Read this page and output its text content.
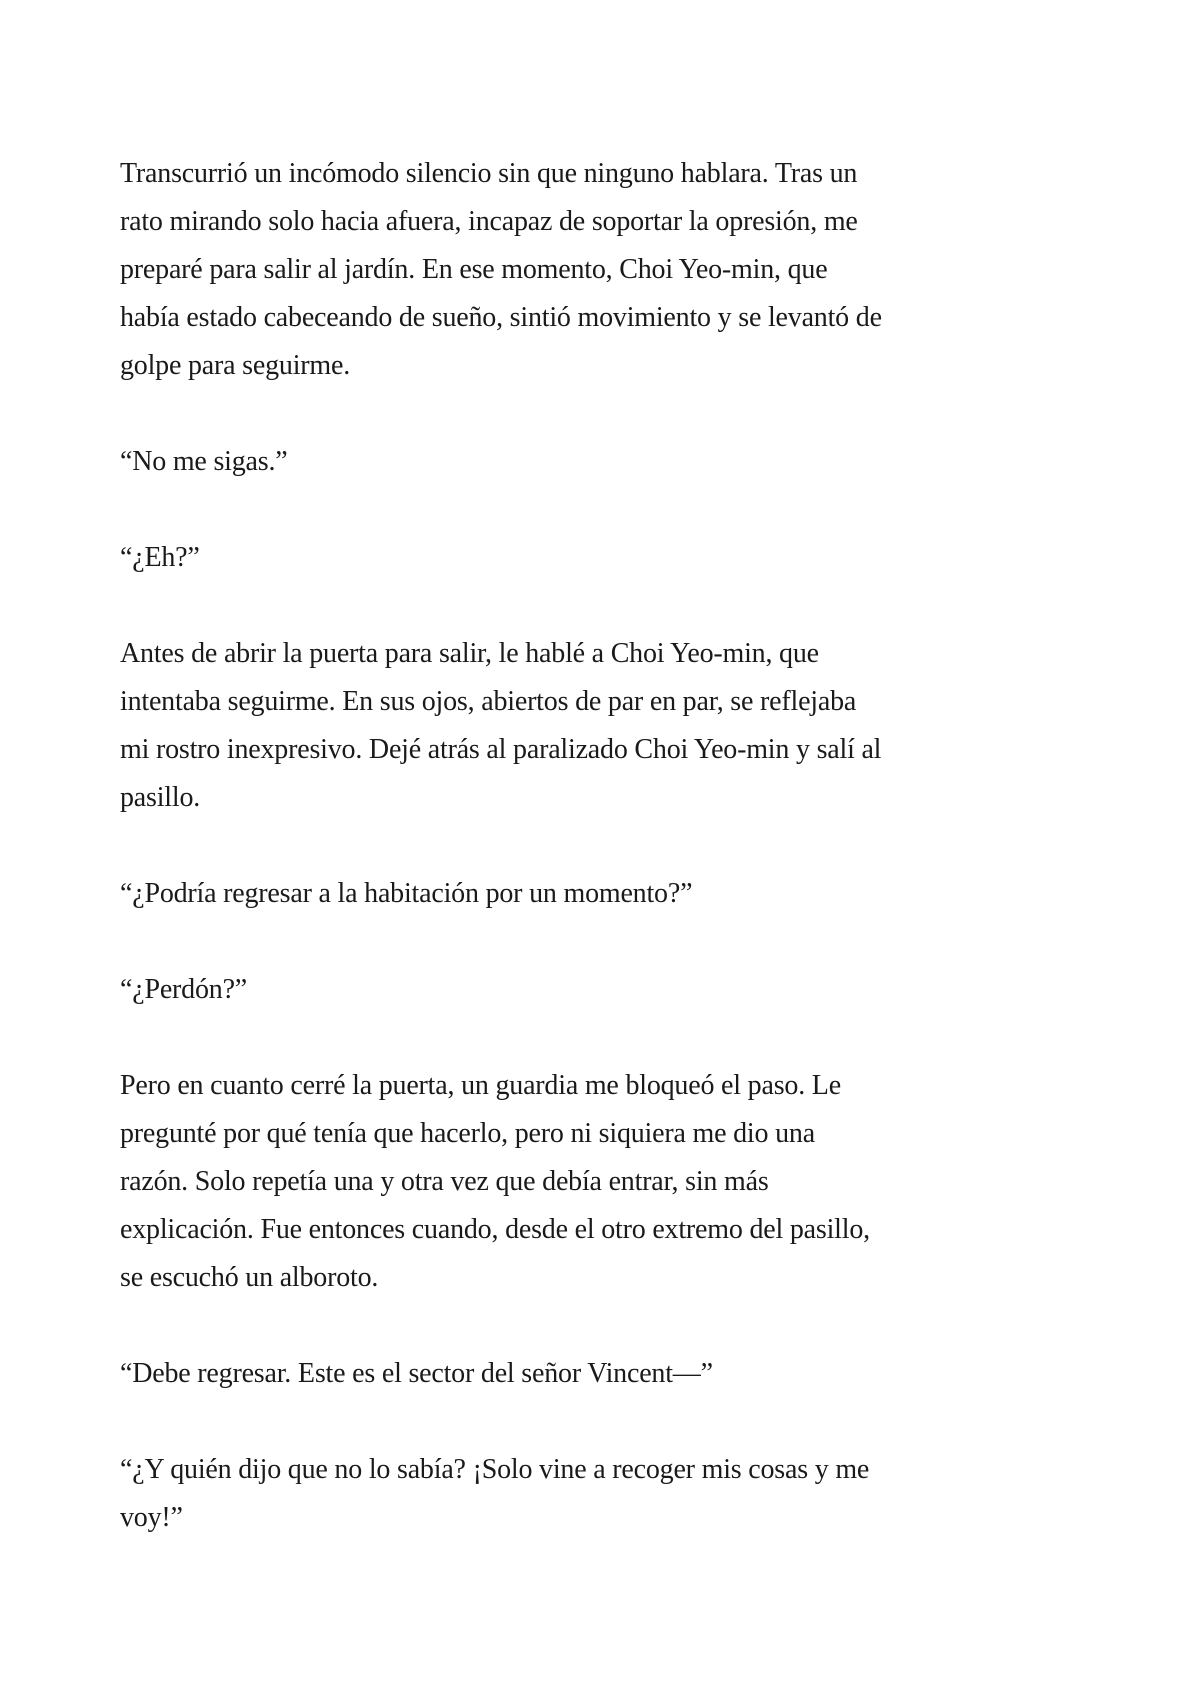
Transcurrió un incómodo silencio sin que ninguno hablara. Tras un
rato mirando solo hacia afuera, incapaz de soportar la opresión, me
preparé para salir al jardín. En ese momento, Choi Yeo-min, que
había estado cabeceando de sueño, sintió movimiento y se levantó de
golpe para seguirme.

“No me sigas.”

“¿Eh?”

Antes de abrir la puerta para salir, le hablé a Choi Yeo-min, que
intentaba seguirme. En sus ojos, abiertos de par en par, se reflejaba
mi rostro inexpresivo. Dejé atrás al paralizado Choi Yeo-min y salí al
pasillo.

“¿Podría regresar a la habitación por un momento?”

“¿Perdón?”

Pero en cuanto cerré la puerta, un guardia me bloqueó el paso. Le
pregunté por qué tenía que hacerlo, pero ni siquiera me dio una
razón. Solo repetía una y otra vez que debía entrar, sin más
explicación. Fue entonces cuando, desde el otro extremo del pasillo,
se escuchó un alboroto.

“Debe regresar. Este es el sector del señor Vincent—”

“¿Y quién dijo que no lo sabía? ¡Solo vine a recoger mis cosas y me
voy!”
